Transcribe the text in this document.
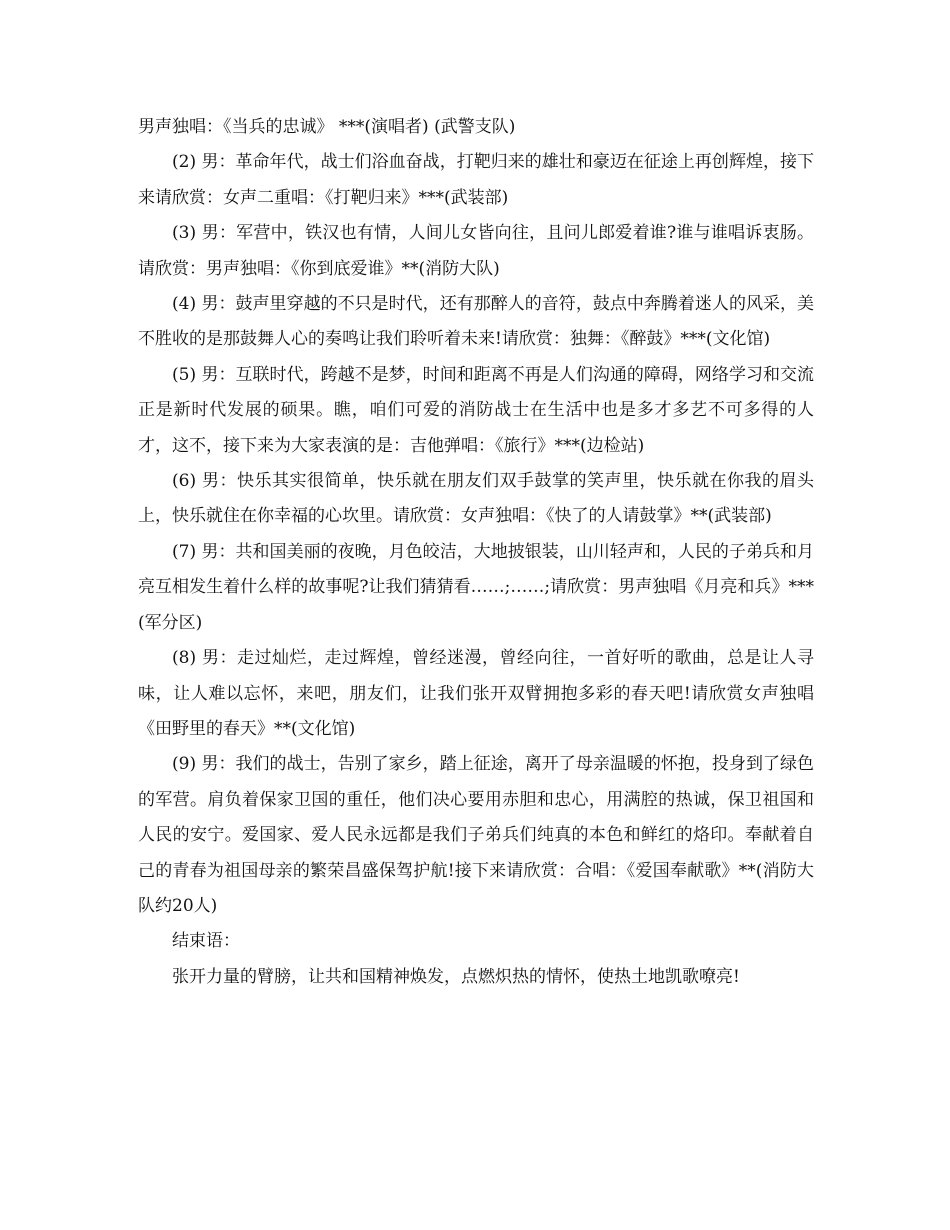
男声独唱：《当兵的忠诚》 ***(演唱者) (武警支队)

(2) 男：革命年代，战士们浴血奋战，打靶归来的雄壮和豪迈在征途上再创辉煌，接下来请欣赏：女声二重唱：《打靶归来》***(武装部)

(3) 男：军营中，铁汉也有情，人间儿女皆向往，且问儿郎爱着谁?谁与谁唱诉衷肠。请欣赏：男声独唱：《你到底爱谁》**(消防大队)

(4) 男：鼓声里穿越的不只是时代，还有那醉人的音符，鼓点中奔腾着迷人的风采，美不胜收的是那鼓舞人心的奏鸣让我们聆听着未来!请欣赏：独舞：《醉鼓》***(文化馆)

(5) 男：互联时代，跨越不是梦，时间和距离不再是人们沟通的障碍，网络学习和交流正是新时代发展的硕果。瞧，咱们可爱的消防战士在生活中也是多才多艺不可多得的人才，这不，接下来为大家表演的是：吉他弹唱：《旅行》***(边检站)

(6) 男：快乐其实很简单，快乐就在朋友们双手鼓掌的笑声里，快乐就在你我的眉头上，快乐就住在你幸福的心坎里。请欣赏：女声独唱：《快了的人请鼓掌》**(武装部)

(7) 男：共和国美丽的夜晚，月色皎洁，大地披银装，山川轻声和，人民的子弟兵和月亮互相发生着什么样的故事呢?让我们猜猜看……;……;请欣赏：男声独唱《月亮和兵》***(军分区)

(8) 男：走过灿烂，走过辉煌，曾经迷漫，曾经向往，一首好听的歌曲，总是让人寻味，让人难以忘怀，来吧，朋友们，让我们张开双臂拥抱多彩的春天吧!请欣赏女声独唱《田野里的春天》**(文化馆)

(9) 男：我们的战士，告别了家乡，踏上征途，离开了母亲温暖的怀抱，投身到了绿色的军营。肩负着保家卫国的重任，他们决心要用赤胆和忠心，用满腔的热诚，保卫祖国和人民的安宁。爱国家、爱人民永远都是我们子弟兵们纯真的本色和鲜红的烙印。奉献着自己的青春为祖国母亲的繁荣昌盛保驾护航!接下来请欣赏：合唱：《爱国奉献歌》**(消防大队约20人)

结束语：

张开力量的臂膀，让共和国精神焕发，点燃炽热的情怀，使热土地凯歌嘹亮!
